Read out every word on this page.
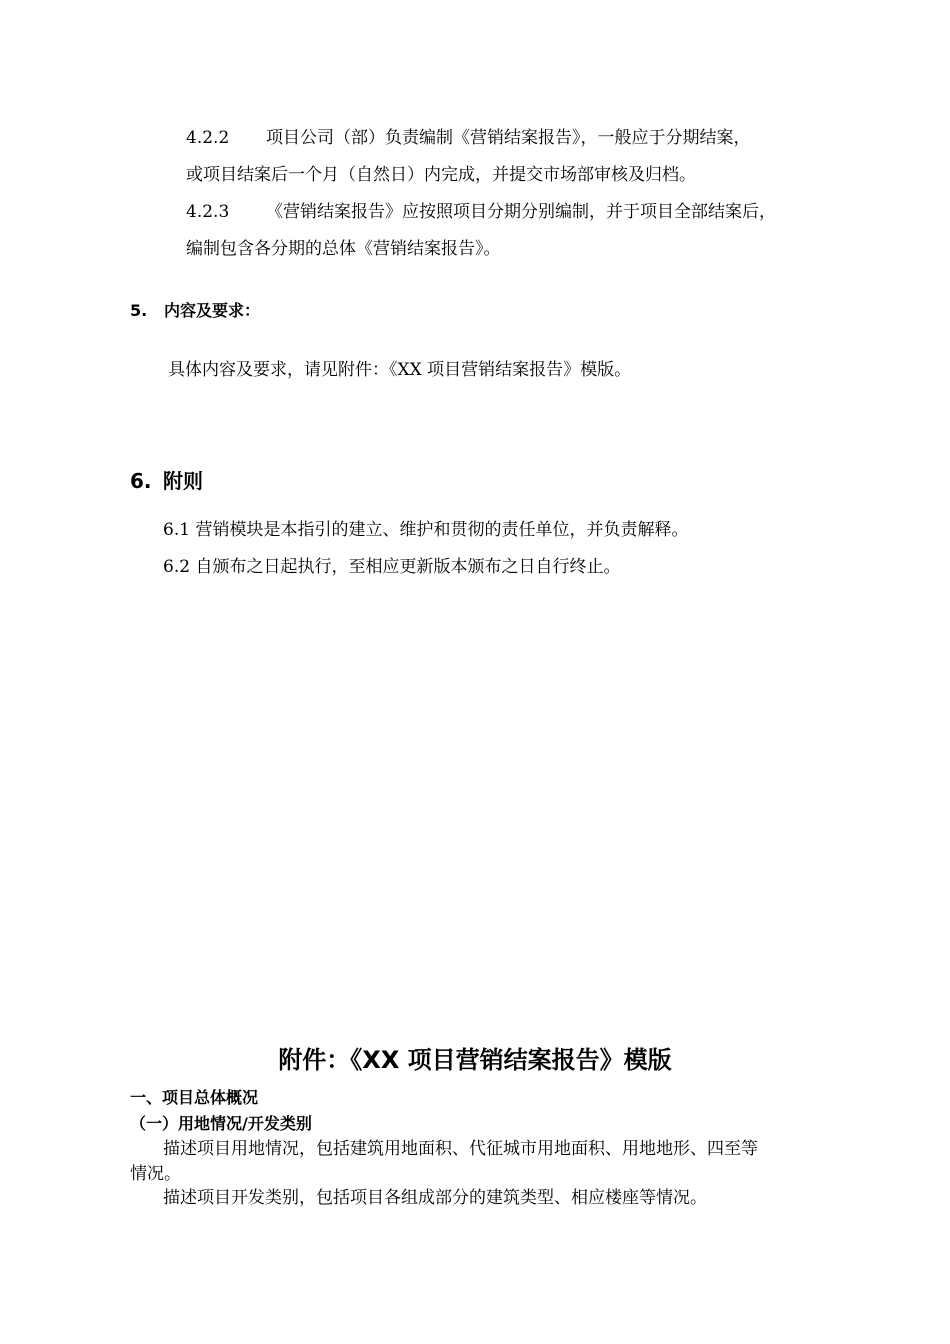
4.2.2 项目公司（部）负责编制《营销结案报告》，一般应于分期结案，
或项目结案后一个月（自然日）内完成，并提交市场部审核及归档。
4.2.3 《营销结案报告》应按照项目分期分别编制，并于项目全部结案后，
编制包含各分期的总体《营销结案报告》。
5. 内容及要求：
具体内容及要求，请见附件：《XX 项目营销结案报告》模版。
6. 附则
6.1 营销模块是本指引的建立、维护和贯彻的责任单位，并负责解释。
6.2 自颁布之日起执行，至相应更新版本颁布之日自行终止。
附件：《XX 项目营销结案报告》模版
一、项目总体概况
（一）用地情况/开发类别
描述项目用地情况，包括建筑用地面积、代征城市用地面积、用地地形、四至等
情况。
描述项目开发类别，包括项目各组成部分的建筑类型、相应楼座等情况。
